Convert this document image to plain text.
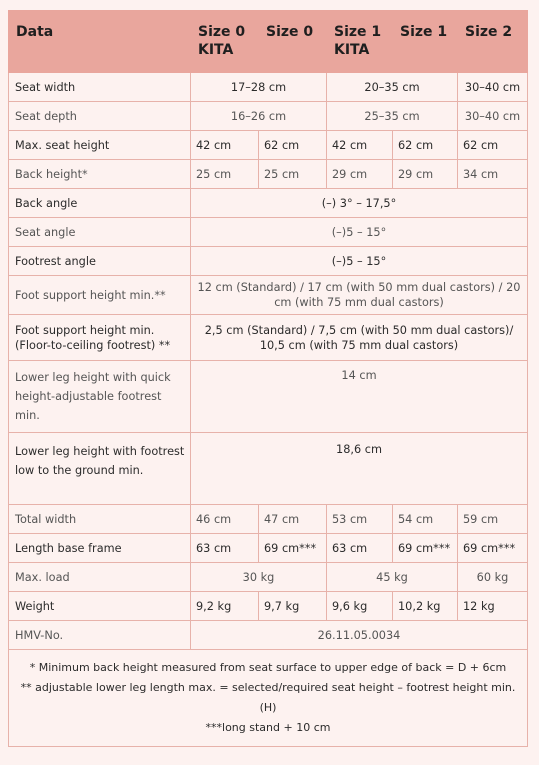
Data	Size 0 KITA	Size 0	Size 1 KITA	Size 1	Size 2
Seat width	17–28 cm		20–35 cm		30–40 cm
Seat depth	16–26 cm		25–35 cm		30–40 cm
Max. seat height	42 cm	62 cm	42 cm	62 cm	62 cm
Back height*	25 cm	25 cm	29 cm	29 cm	34 cm
Back angle	(–) 3° – 17,5°				
Seat angle	(–)5 – 15°				
Footrest angle	(–)5 – 15°				
Foot support height min.**	12 cm (Standard) / 17 cm (with 50 mm dual castors) / 20 cm (with 75 mm dual castors)				
Foot support height min. (Floor-to-ceiling footrest) **	2,5 cm (Standard) / 7,5 cm (with 50 mm dual castors)/ 10,5 cm (with 75 mm dual castors)				
Lower leg height with quick height-adjustable footrest min.	14 cm				
Lower leg height with footrest low to the ground min.	18,6 cm				
Total width	46 cm	47 cm	53 cm	54 cm	59 cm
Length base frame	63 cm	69 cm***	63 cm	69 cm***	69 cm***
Max. load	30 kg		45 kg		60 kg
Weight	9,2 kg	9,7 kg	9,6 kg	10,2 kg	12 kg
HMV-No.	26.11.05.0034				

* Minimum back height measured from seat surface to upper edge of back = D + 6cm
** adjustable lower leg length max. = selected/required seat height – footrest height min. (H)
***long stand + 10 cm					
